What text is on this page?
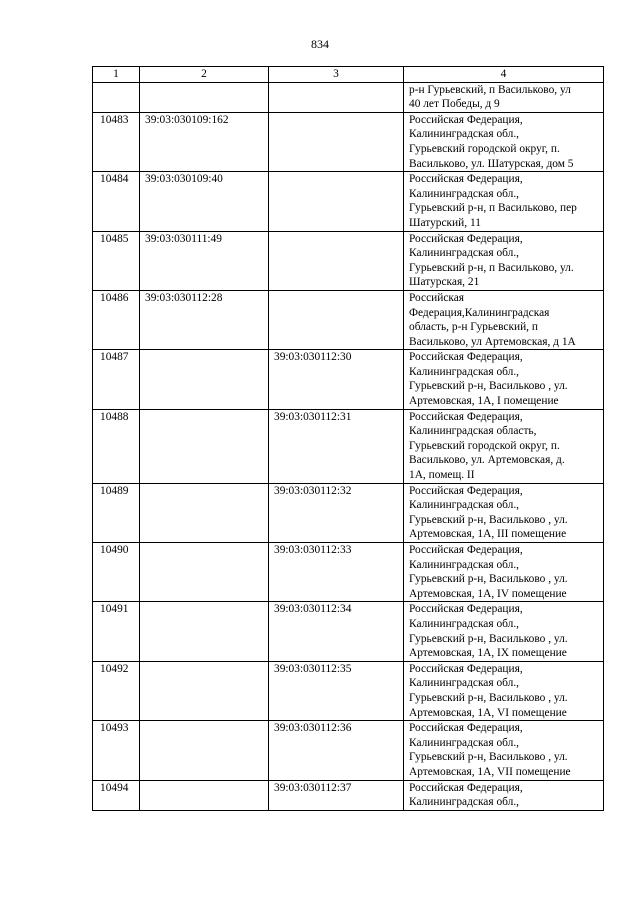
834
1	2	3	4
			р-н Гурьевский, п Васильково, ул
40 лет Победы, д 9
10483	39:03:030109:162		Российская Федерация,
Калининградская обл.,
Гурьевский городской округ, п.
Васильково, ул. Шатурская, дом 5
10484	39:03:030109:40		Российская Федерация,
Калининградская обл.,
Гурьевский р-н, п Васильково, пер
Шатурский, 11
10485	39:03:030111:49		Российская Федерация,
Калининградская обл.,
Гурьевский р-н, п Васильково, ул.
Шатурская, 21
10486	39:03:030112:28		Российская
Федерация,Калининградская
область, р-н Гурьевский, п
Васильково, ул Артемовская, д 1А
10487		39:03:030112:30	Российская Федерация,
Калининградская обл.,
Гурьевский р-н, Васильково , ул.
Артемовская, 1А, I помещение
10488		39:03:030112:31	Российская Федерация,
Калининградская область,
Гурьевский городской округ, п.
Васильково, ул. Артемовская, д.
1А, помещ. II
10489		39:03:030112:32	Российская Федерация,
Калининградская обл.,
Гурьевский р-н, Васильково , ул.
Артемовская, 1А, III помещение
10490		39:03:030112:33	Российская Федерация,
Калининградская обл.,
Гурьевский р-н, Васильково , ул.
Артемовская, 1А, IV помещение
10491		39:03:030112:34	Российская Федерация,
Калининградская обл.,
Гурьевский р-н, Васильково , ул.
Артемовская, 1А, IX помещение
10492		39:03:030112:35	Российская Федерация,
Калининградская обл.,
Гурьевский р-н, Васильково , ул.
Артемовская, 1А, VI помещение
10493		39:03:030112:36	Российская Федерация,
Калининградская обл.,
Гурьевский р-н, Васильково , ул.
Артемовская, 1А, VII помещение
10494		39:03:030112:37	Российская Федерация,
Калининградская обл.,
